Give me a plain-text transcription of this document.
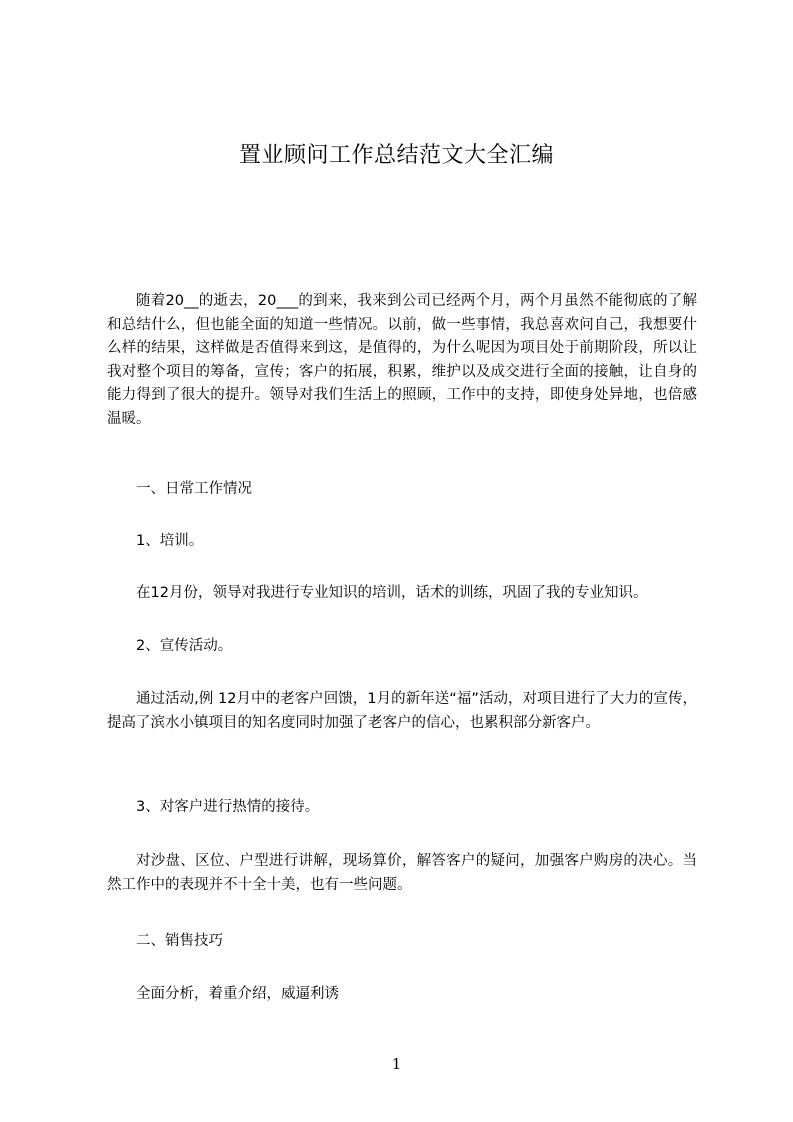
置业顾问工作总结范文大全汇编
随着20__的逝去，20___的到来，我来到公司已经两个月，两个月虽然不能彻底的了解和总结什么，但也能全面的知道一些情况。以前，做一些事情，我总喜欢问自己，我想要什么样的结果，这样做是否值得来到这，是值得的，为什么呢因为项目处于前期阶段，所以让我对整个项目的筹备，宣传；客户的拓展，积累，维护以及成交进行全面的接触，让自身的能力得到了很大的提升。领导对我们生活上的照顾，工作中的支持，即使身处异地，也倍感温暖。
一、日常工作情况
1、培训。
在12月份，领导对我进行专业知识的培训，话术的训练，巩固了我的专业知识。
2、宣传活动。
通过活动,例 12月中的老客户回馈，1月的新年送“福”活动，对项目进行了大力的宣传，提高了滨水小镇项目的知名度同时加强了老客户的信心，也累积部分新客户。
3、对客户进行热情的接待。
对沙盘、区位、户型进行讲解，现场算价，解答客户的疑问，加强客户购房的决心。当然工作中的表现并不十全十美，也有一些问题。
二、销售技巧
全面分析，着重介绍，威逼利诱
1
